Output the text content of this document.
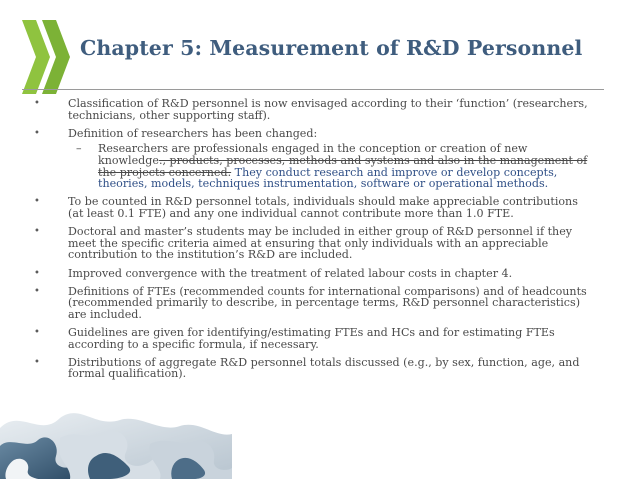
Chapter 5: Measurement of R&D Personnel
•	Classification of R&D personnel is now envisaged according to their ‘function’ (researchers, technicians, other supporting staff).
•	Definition of researchers has been changed:
– Researchers are professionals engaged in the conception or creation of new knowledge., products, processes, methods and systems and also in the management of the projects concerned. They conduct research and improve or develop concepts, theories, models, techniques instrumentation, software or operational methods.
•	To be counted in R&D personnel totals, individuals should make appreciable contributions (at least 0.1 FTE) and any one individual cannot contribute more than 1.0 FTE.
•	Doctoral and master’s students may be included in either group of R&D personnel if they meet the specific criteria aimed at ensuring that only individuals with an appreciable contribution to the institution’s R&D are included.
•	Improved convergence with the treatment of related labour costs in chapter 4.
•	Definitions of FTEs (recommended counts for international comparisons) and of headcounts (recommended primarily to describe, in percentage terms, R&D personnel characteristics) are included.
•	Guidelines are given for identifying/estimating FTEs and HCs and for estimating FTEs according to a specific formula, if necessary.
•	Distributions of aggregate R&D personnel totals discussed (e.g., by sex, function, age, and formal qualification).
